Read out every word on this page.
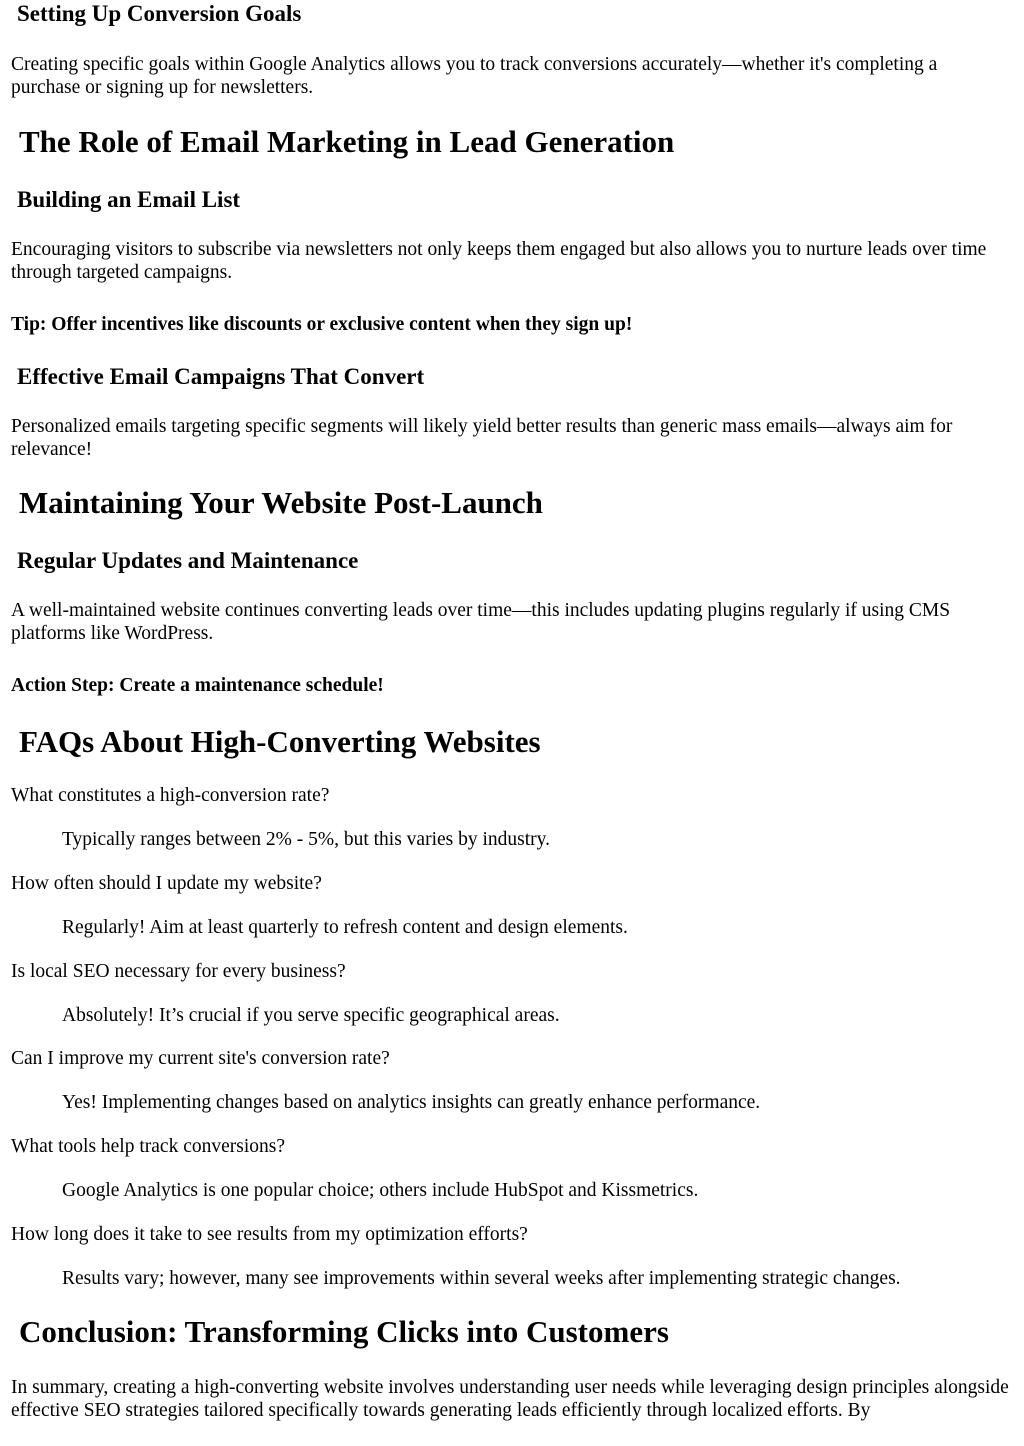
Setting Up Conversion Goals

Creating specific goals within Google Analytics allows you to track conversions accurately—whether it's completing a purchase or signing up for newsletters.

The Role of Email Marketing in Lead Generation
Building an Email List

Encouraging visitors to subscribe via newsletters not only keeps them engaged but also allows you to nurture leads over time through targeted campaigns.

Tip: Offer incentives like discounts or exclusive content when they sign up!

Effective Email Campaigns That Convert

Personalized emails targeting specific segments will likely yield better results than generic mass emails—always aim for relevance!

Maintaining Your Website Post-Launch
Regular Updates and Maintenance

A well-maintained website continues converting leads over time—this includes updating plugins regularly if using CMS platforms like WordPress.

Action Step: Create a maintenance schedule!

FAQs About High-Converting Websites

What constitutes a high-conversion rate?

Typically ranges between 2% - 5%, but this varies by industry.

How often should I update my website?

Regularly! Aim at least quarterly to refresh content and design elements.

Is local SEO necessary for every business?

Absolutely! It’s crucial if you serve specific geographical areas.

Can I improve my current site's conversion rate?

Yes! Implementing changes based on analytics insights can greatly enhance performance.

What tools help track conversions?

Google Analytics is one popular choice; others include HubSpot and Kissmetrics.

How long does it take to see results from my optimization efforts?

Results vary; however, many see improvements within several weeks after implementing strategic changes.

Conclusion: Transforming Clicks into Customers

In summary, creating a high-converting website involves understanding user needs while leveraging design principles alongside effective SEO strategies tailored specifically towards generating leads efficiently through localized efforts. By
